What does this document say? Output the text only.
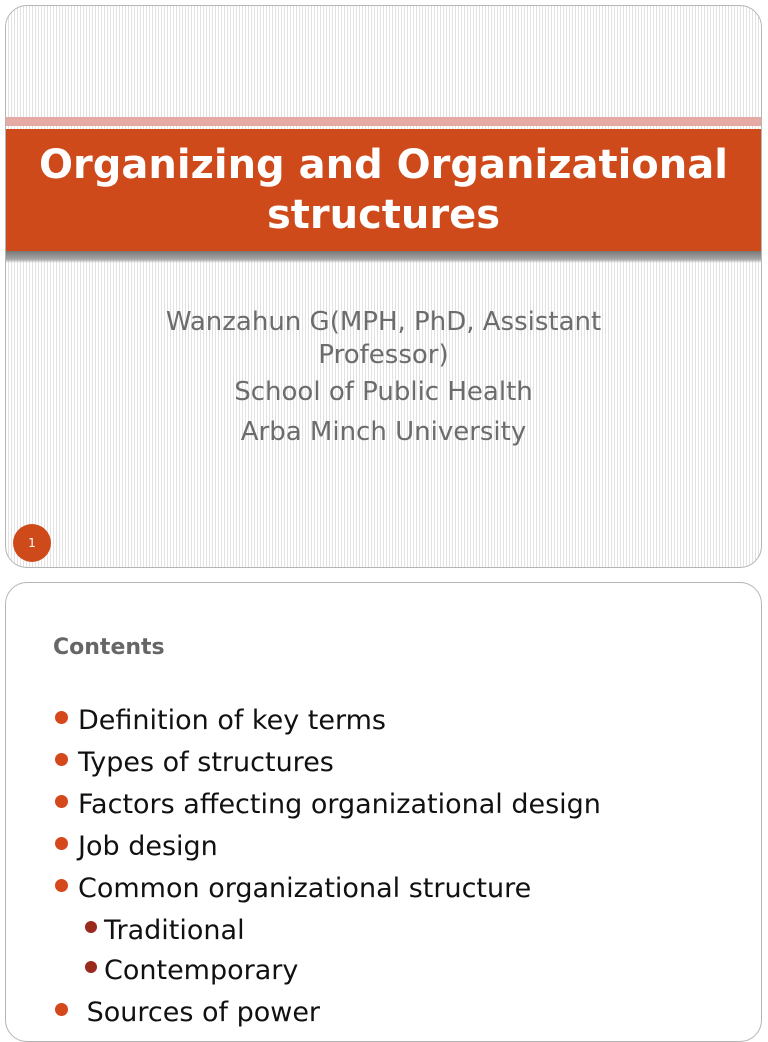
Organizing and Organizational structures
Wanzahun G(MPH, PhD, Assistant Professor)
School of Public Health
Arba Minch University
1
Contents
Definition of key terms
Types of structures
Factors affecting organizational design
Job design
Common organizational structure
Traditional
Contemporary
Sources of power
